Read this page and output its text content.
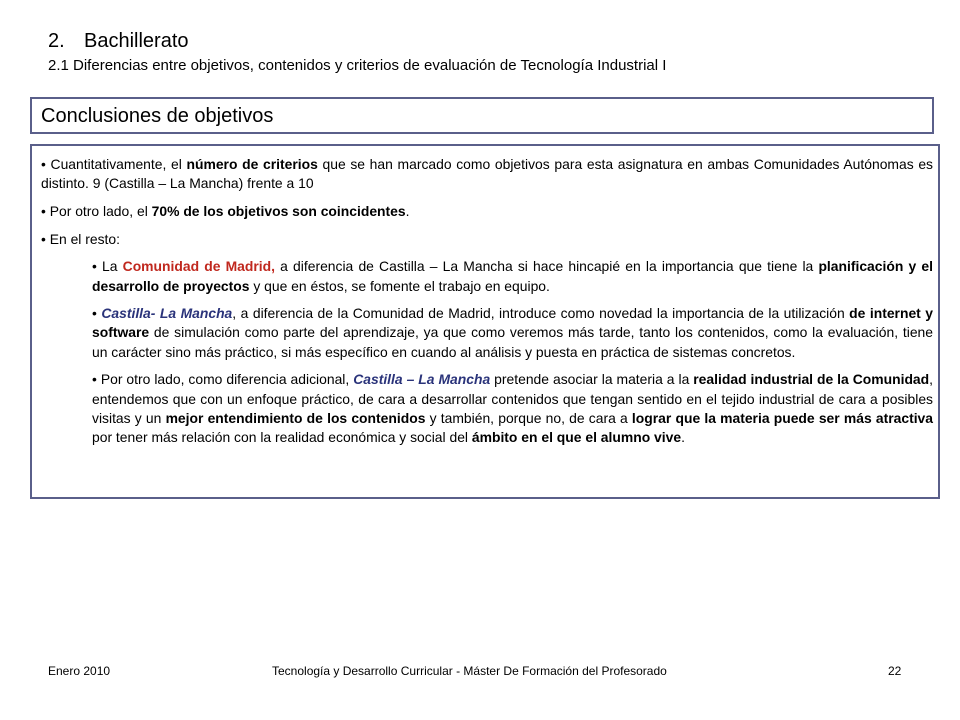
2. Bachillerato
2.1 Diferencias entre objetivos, contenidos y criterios de evaluación de Tecnología Industrial I
Conclusiones de objetivos

• Cuantitativamente, el número de criterios que se han marcado como objetivos para esta asignatura en ambas Comunidades Autónomas es distinto. 9 (Castilla – La Mancha) frente a 10

• Por otro lado, el 70% de los objetivos son coincidentes.

• En el resto:

• La Comunidad de Madrid, a diferencia de Castilla – La Mancha si hace hincapié en la importancia que tiene la planificación y el desarrollo de proyectos y que en éstos, se fomente el trabajo en equipo.

• Castilla- La Mancha, a diferencia de la Comunidad de Madrid, introduce como novedad la importancia de la utilización de internet y software de simulación como parte del aprendizaje, ya que como veremos más tarde, tanto los contenidos, como la evaluación, tiene un carácter sino más práctico, si más específico en cuando al análisis y puesta en práctica de sistemas concretos.

• Por otro lado, como diferencia adicional, Castilla – La Mancha pretende asociar la materia a la realidad industrial de la Comunidad, entendemos que con un enfoque práctico, de cara a desarrollar contenidos que tengan sentido en el tejido industrial de cara a posibles visitas y un mejor entendimiento de los contenidos y también, porque no, de cara a lograr que la materia puede ser más atractiva por tener más relación con la realidad económica y social del ámbito en el que el alumno vive.

Enero 2010	Tecnología y Desarrollo Curricular - Máster De Formación del Profesorado	22
